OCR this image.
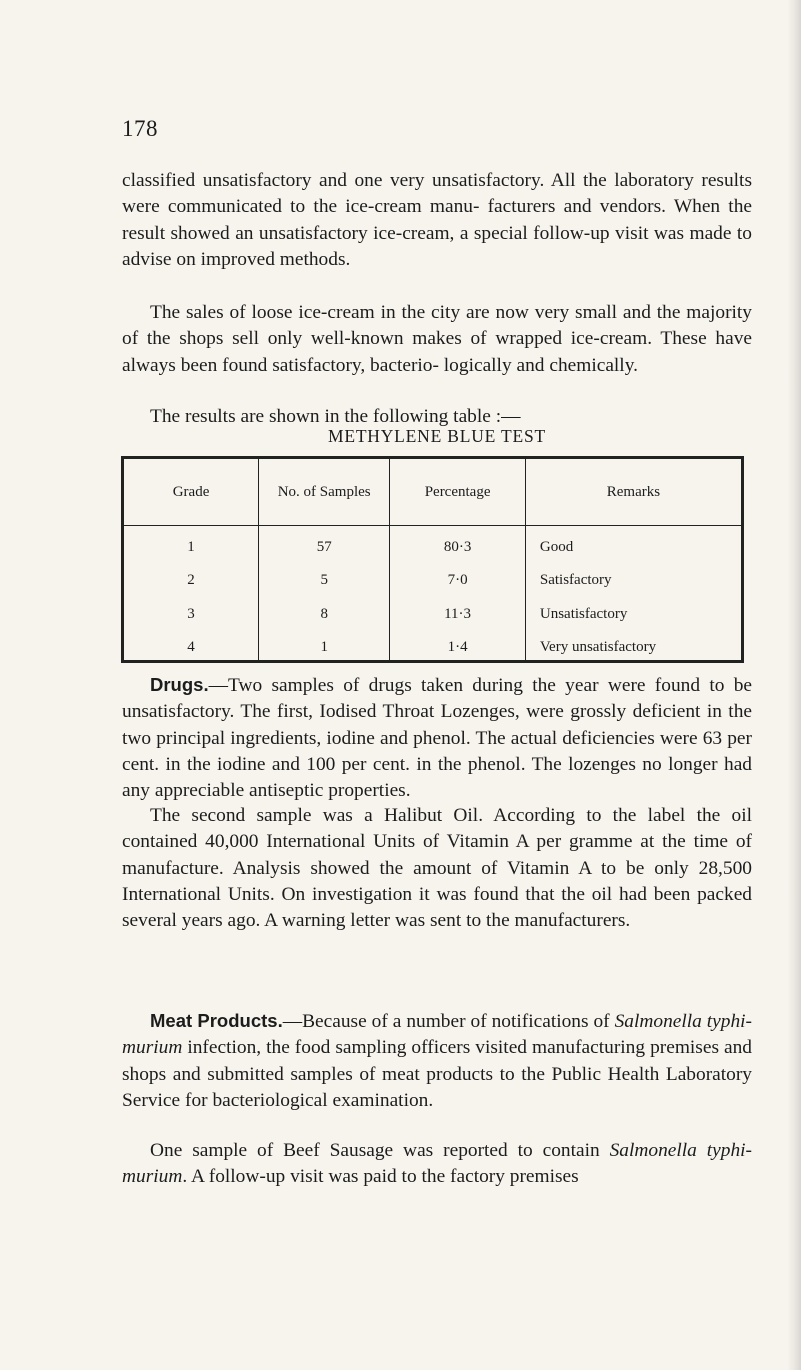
178

classified unsatisfactory and one very unsatisfactory. All the laboratory results were communicated to the ice-cream manu- facturers and vendors. When the result showed an unsatisfactory ice-cream, a special follow-up visit was made to advise on improved methods.

The sales of loose ice-cream in the city are now very small and the majority of the shops sell only well-known makes of wrapped ice-cream. These have always been found satisfactory, bacterio- logically and chemically.

The results are shown in the following table :—

METHYLENE BLUE TEST

Grade	No. of Samples	Percentage	Remarks
1	57	80·3	Good
2	5	7·0	Satisfactory
3	8	11·3	Unsatisfactory
4	1	1·4	Very unsatisfactory

Drugs.—Two samples of drugs taken during the year were found to be unsatisfactory. The first, Iodised Throat Lozenges, were grossly deficient in the two principal ingredients, iodine and phenol. The actual deficiencies were 63 per cent. in the iodine and 100 per cent. in the phenol. The lozenges no longer had any appreciable antiseptic properties.

The second sample was a Halibut Oil. According to the label the oil contained 40,000 International Units of Vitamin A per gramme at the time of manufacture. Analysis showed the amount of Vitamin A to be only 28,500 International Units. On investigation it was found that the oil had been packed several years ago. A warning letter was sent to the manufacturers.

Meat Products.—Because of a number of notifications of Salmonella typhi-murium infection, the food sampling officers visited manufacturing premises and shops and submitted samples of meat products to the Public Health Laboratory Service for bacteriological examination.

One sample of Beef Sausage was reported to contain Salmonella typhi-murium. A follow-up visit was paid to the factory premises
